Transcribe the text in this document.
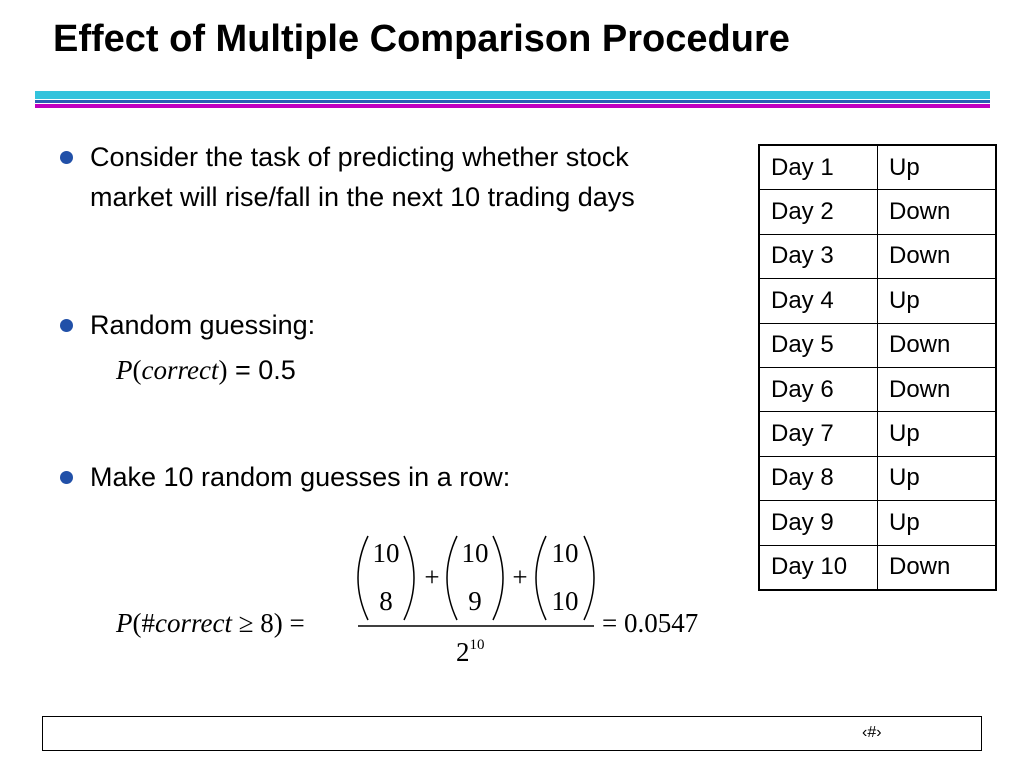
Effect of Multiple Comparison Procedure
Consider the task of predicting whether stock market will rise/fall in the next 10 trading days
Random guessing:
P(correct) = 0.5
Make 10 random guesses in a row:
P(#correct ≥ 8) =
10
8
+
10
9
+
10
10
$2^{10}$
= 0.0547
Day 1	Up
Day 2	Down
Day 3	Down
Day 4	Up
Day 5	Down
Day 6	Down
Day 7	Up
Day 8	Up
Day 9	Up
Day 10	Down
‹#›
